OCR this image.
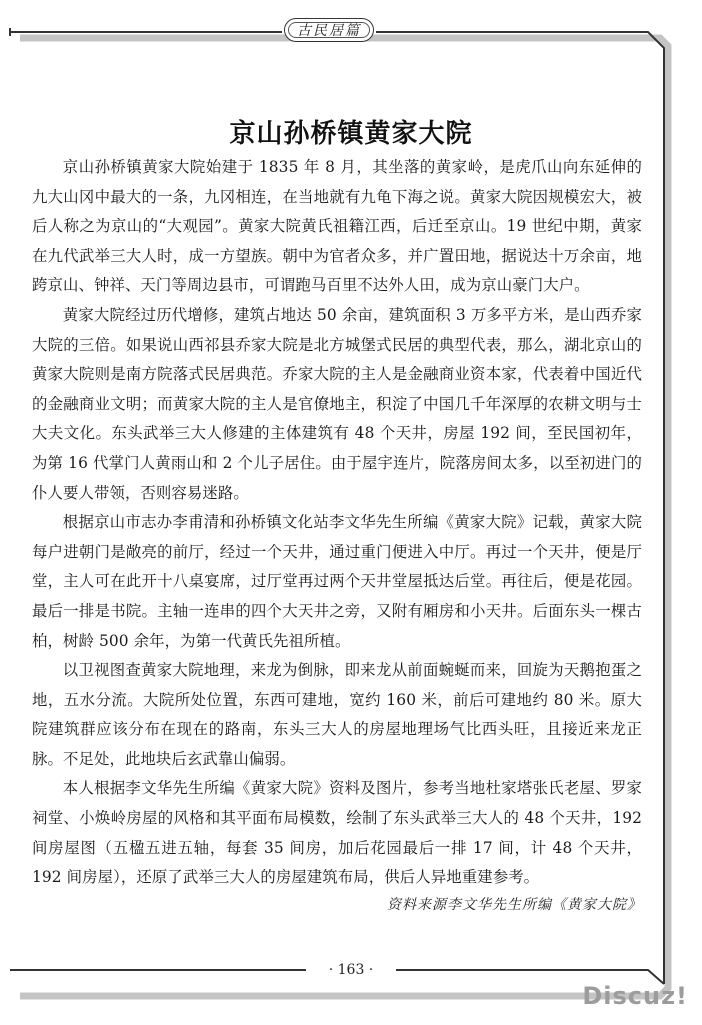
古民居篇
京山孙桥镇黄家大院

京山孙桥镇黄家大院始建于 1835 年 8 月，其坐落的黄家岭，是虎爪山向东延伸的九大山冈中最大的一条，九冈相连，在当地就有九龟下海之说。黄家大院因规模宏大，被后人称之为京山的“大观园”。黄家大院黄氏祖籍江西，后迁至京山。19 世纪中期，黄家在九代武举三大人时，成一方望族。朝中为官者众多，并广置田地，据说达十万余亩，地跨京山、钟祥、天门等周边县市，可谓跑马百里不达外人田，成为京山豪门大户。

黄家大院经过历代增修，建筑占地达 50 余亩，建筑面积 3 万多平方米，是山西乔家大院的三倍。如果说山西祁县乔家大院是北方城堡式民居的典型代表，那么，湖北京山的黄家大院则是南方院落式民居典范。乔家大院的主人是金融商业资本家，代表着中国近代的金融商业文明；而黄家大院的主人是官僚地主，积淀了中国几千年深厚的农耕文明与士大夫文化。东头武举三大人修建的主体建筑有 48 个天井，房屋 192 间，至民国初年，为第 16 代掌门人黄雨山和 2 个儿子居住。由于屋宇连片，院落房间太多，以至初进门的仆人要人带领，否则容易迷路。

根据京山市志办李甫清和孙桥镇文化站李文华先生所编《黄家大院》记载，黄家大院每户进朝门是敞亮的前厅，经过一个天井，通过重门便进入中厅。再过一个天井，便是厅堂，主人可在此开十八桌宴席，过厅堂再过两个天井堂屋抵达后堂。再往后，便是花园。最后一排是书院。主轴一连串的四个大天井之旁，又附有厢房和小天井。后面东头一棵古柏，树龄 500 余年，为第一代黄氏先祖所植。

以卫视图查黄家大院地理，来龙为倒脉，即来龙从前面蜿蜒而来，回旋为天鹅抱蛋之地，五水分流。大院所处位置，东西可建地，宽约 160 米，前后可建地约 80 米。原大院建筑群应该分布在现在的路南，东头三大人的房屋地理场气比西头旺，且接近来龙正脉。不足处，此地块后玄武靠山偏弱。

本人根据李文华先生所编《黄家大院》资料及图片，参考当地杜家塔张氏老屋、罗家祠堂、小焕岭房屋的风格和其平面布局模数，绘制了东头武举三大人的 48 个天井，192 间房屋图（五楹五进五轴，每套 35 间房，加后花园最后一排 17 间，计 48 个天井，192 间房屋），还原了武举三大人的房屋建筑布局，供后人异地重建参考。

资料来源李文华先生所编《黄家大院》
· 163 ·
Discuz!
